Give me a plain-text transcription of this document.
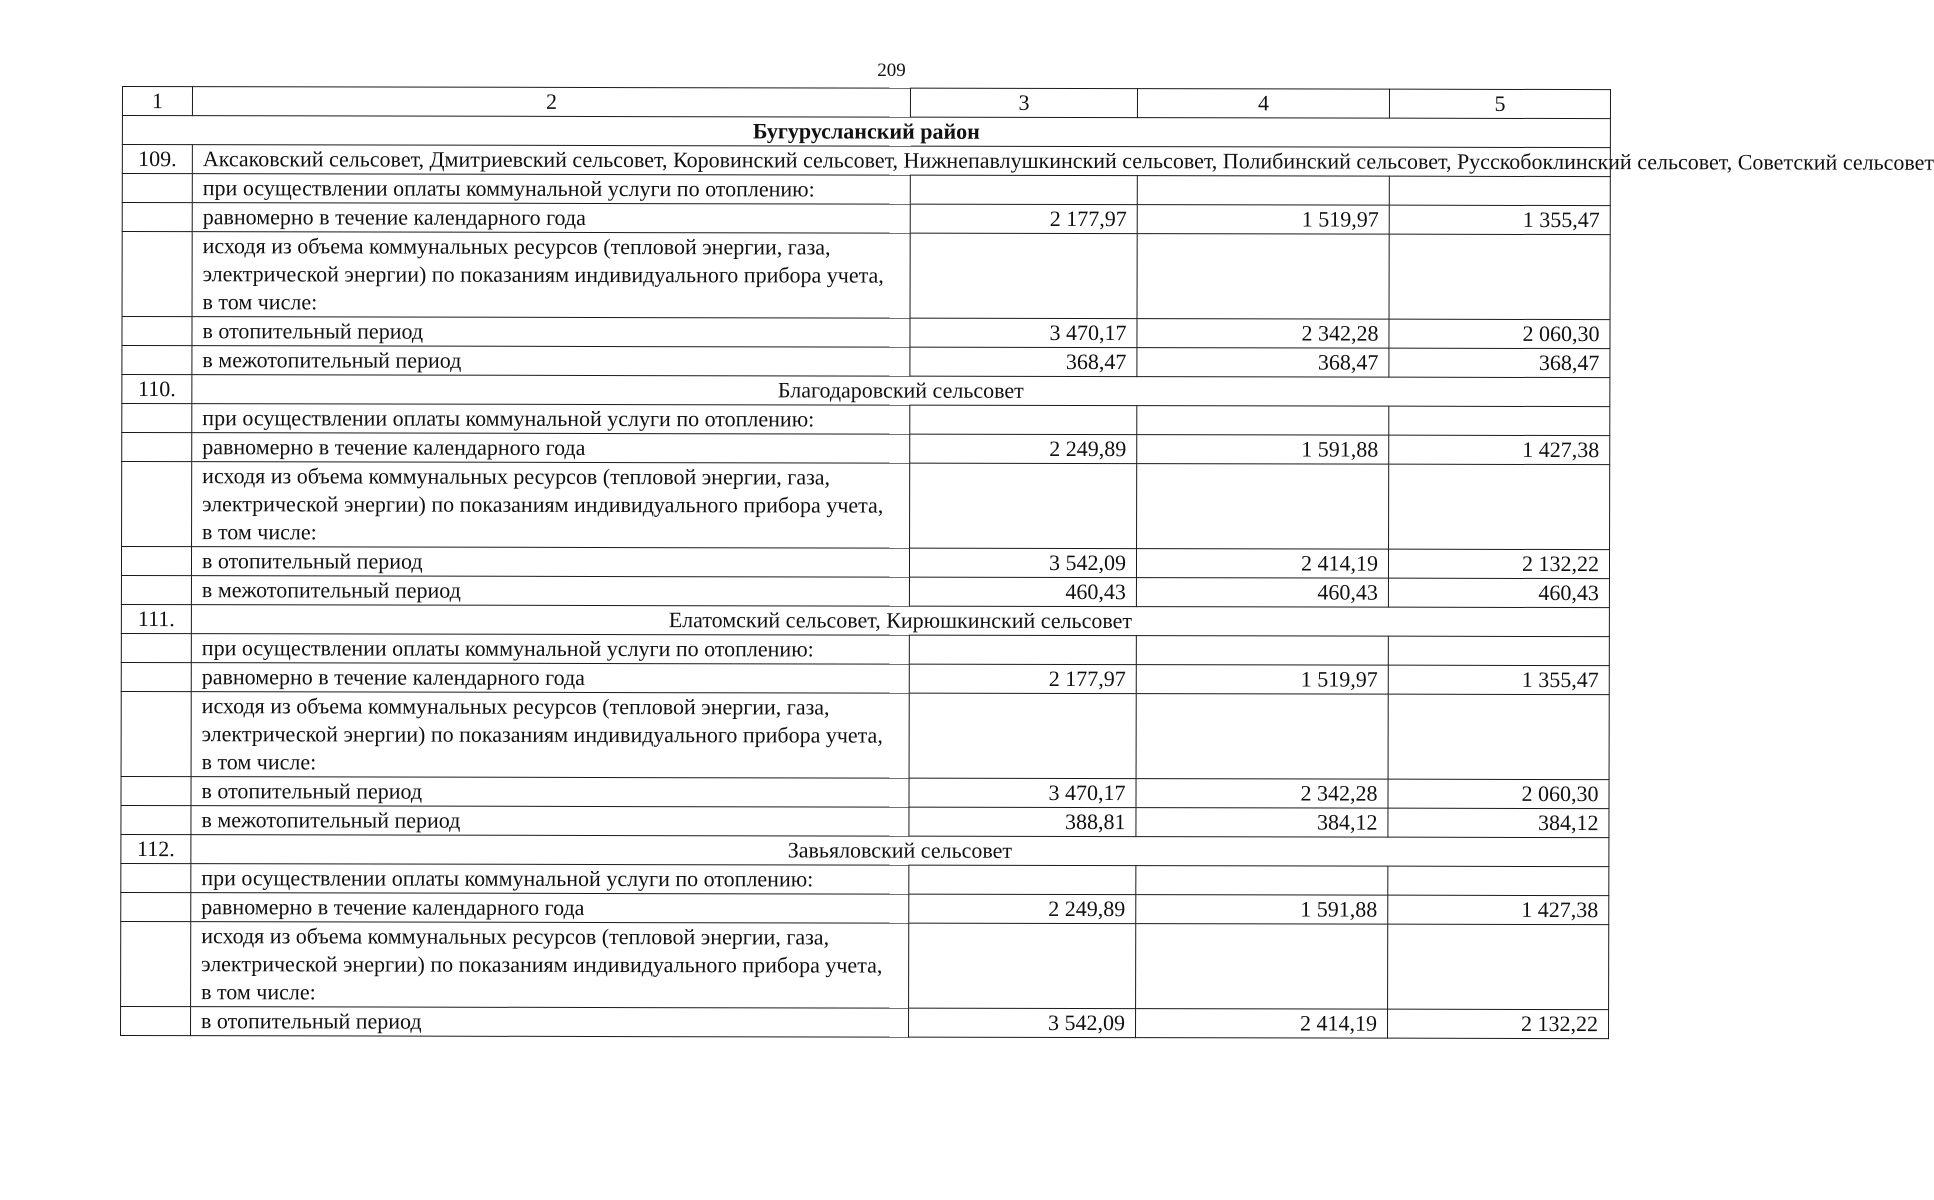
209
1	2	3	4	5
Бугурусланский район				
109.	Аксаковский сельсовет, Дмитриевский сельсовет, Коровинский сельсовет, Нижнепавлушкинский сельсовет, Полибинский сельсовет, Русскобоклинский сельсовет, Советский сельсовет			
	при осуществлении оплаты коммунальной услуги по отоплению:			
	равномерно в течение календарного года	2 177,97	1 519,97	1 355,47
	исходя из объема коммунальных ресурсов (тепловой энергии, газа, электрической энергии) по показаниям индивидуального прибора учета, в том числе:			
	в отопительный период	3 470,17	2 342,28	2 060,30
	в межотопительный период	368,47	368,47	368,47
110.	Благодаровский сельсовет			
	при осуществлении оплаты коммунальной услуги по отоплению:			
	равномерно в течение календарного года	2 249,89	1 591,88	1 427,38
	исходя из объема коммунальных ресурсов (тепловой энергии, газа, электрической энергии) по показаниям индивидуального прибора учета, в том числе:			
	в отопительный период	3 542,09	2 414,19	2 132,22
	в межотопительный период	460,43	460,43	460,43
111.	Елатомский сельсовет, Кирюшкинский сельсовет			
	при осуществлении оплаты коммунальной услуги по отоплению:			
	равномерно в течение календарного года	2 177,97	1 519,97	1 355,47
	исходя из объема коммунальных ресурсов (тепловой энергии, газа, электрической энергии) по показаниям индивидуального прибора учета, в том числе:			
	в отопительный период	3 470,17	2 342,28	2 060,30
	в межотопительный период	388,81	384,12	384,12
112.	Завьяловский сельсовет			
	при осуществлении оплаты коммунальной услуги по отоплению:			
	равномерно в течение календарного года	2 249,89	1 591,88	1 427,38
	исходя из объема коммунальных ресурсов (тепловой энергии, газа, электрической энергии) по показаниям индивидуального прибора учета, в том числе:			
	в отопительный период	3 542,09	2 414,19	2 132,22
